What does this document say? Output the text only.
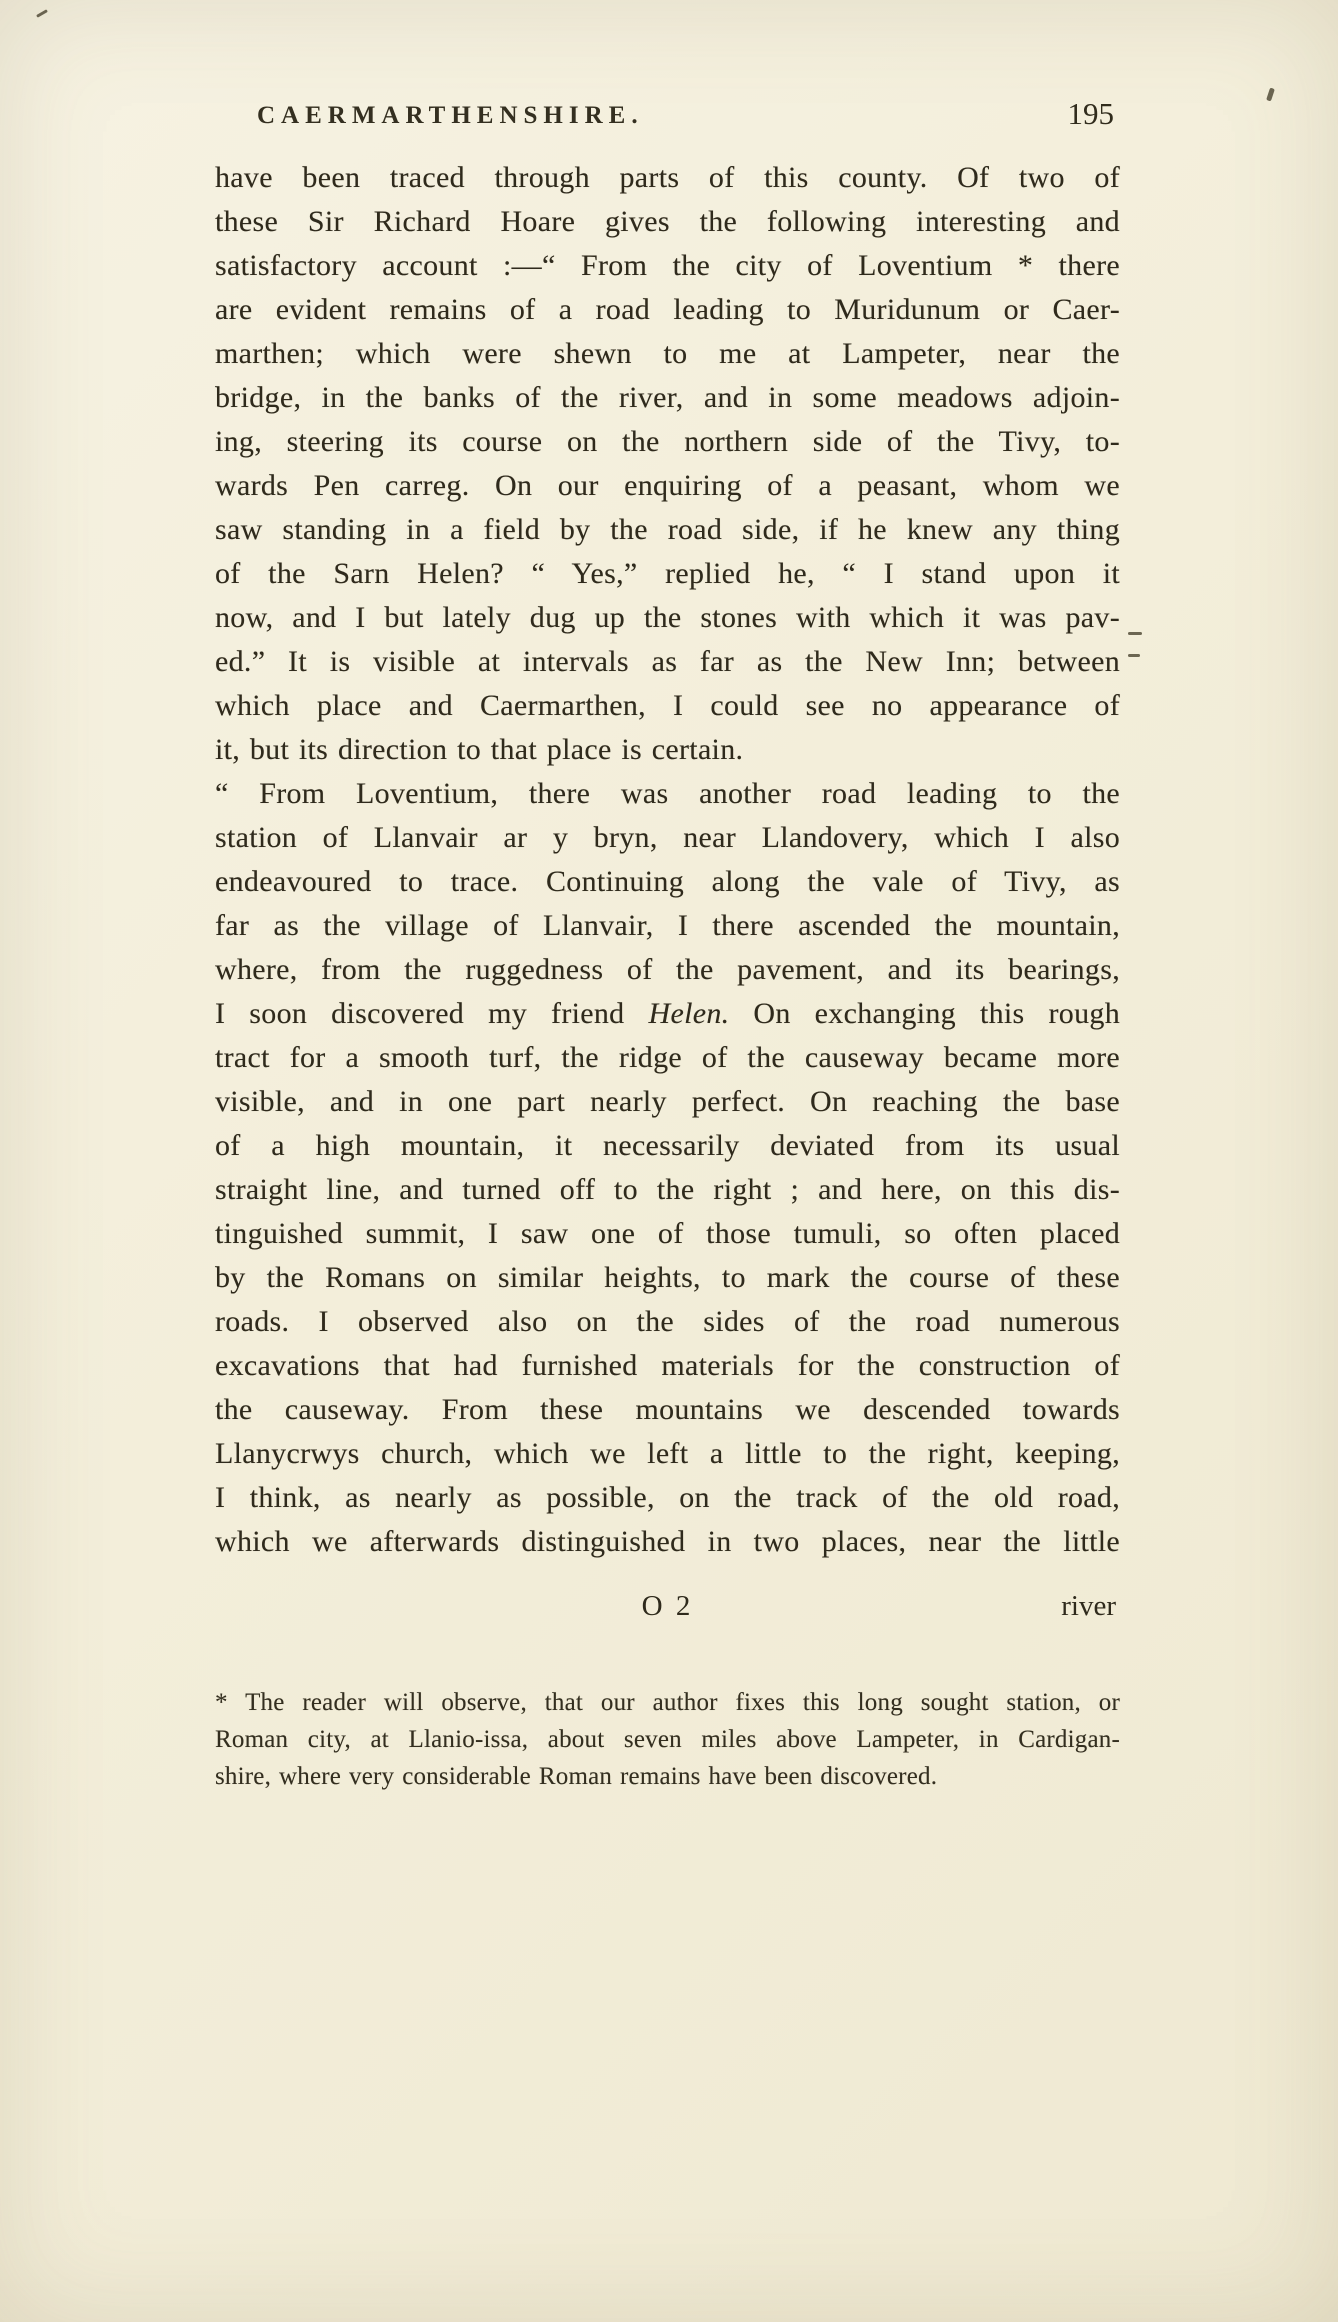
CAERMARTHENSHIRE.	195
have been traced through parts of this county. Of two of
these Sir Richard Hoare gives the following interesting and
satisfactory account :—“ From the city of Loventium * there
are evident remains of a road leading to Muridunum or Caer-
marthen; which were shewn to me at Lampeter, near the
bridge, in the banks of the river, and in some meadows adjoin-
ing, steering its course on the northern side of the Tivy, to-
wards Pen carreg. On our enquiring of a peasant, whom we
saw standing in a field by the road side, if he knew any thing
of the Sarn Helen? “ Yes,” replied he, “ I stand upon it
now, and I but lately dug up the stones with which it was pav-
ed.” It is visible at intervals as far as the New Inn; between
which place and Caermarthen, I could see no appearance of
it, but its direction to that place is certain.
“ From Loventium, there was another road leading to the
station of Llanvair ar y bryn, near Llandovery, which I also
endeavoured to trace. Continuing along the vale of Tivy, as
far as the village of Llanvair, I there ascended the mountain,
where, from the ruggedness of the pavement, and its bearings,
I soon discovered my friend Helen. On exchanging this rough
tract for a smooth turf, the ridge of the causeway became more
visible, and in one part nearly perfect. On reaching the base
of a high mountain, it necessarily deviated from its usual
straight line, and turned off to the right ; and here, on this dis-
tinguished summit, I saw one of those tumuli, so often placed
by the Romans on similar heights, to mark the course of these
roads. I observed also on the sides of the road numerous
excavations that had furnished materials for the construction of
the causeway. From these mountains we descended towards
Llanycrwys church, which we left a little to the right, keeping,
I think, as nearly as possible, on the track of the old road,
which we afterwards distinguished in two places, near the little
O 2	river
* The reader will observe, that our author fixes this long sought station, or
Roman city, at Llanio-issa, about seven miles above Lampeter, in Cardigan-
shire, where very considerable Roman remains have been discovered.
